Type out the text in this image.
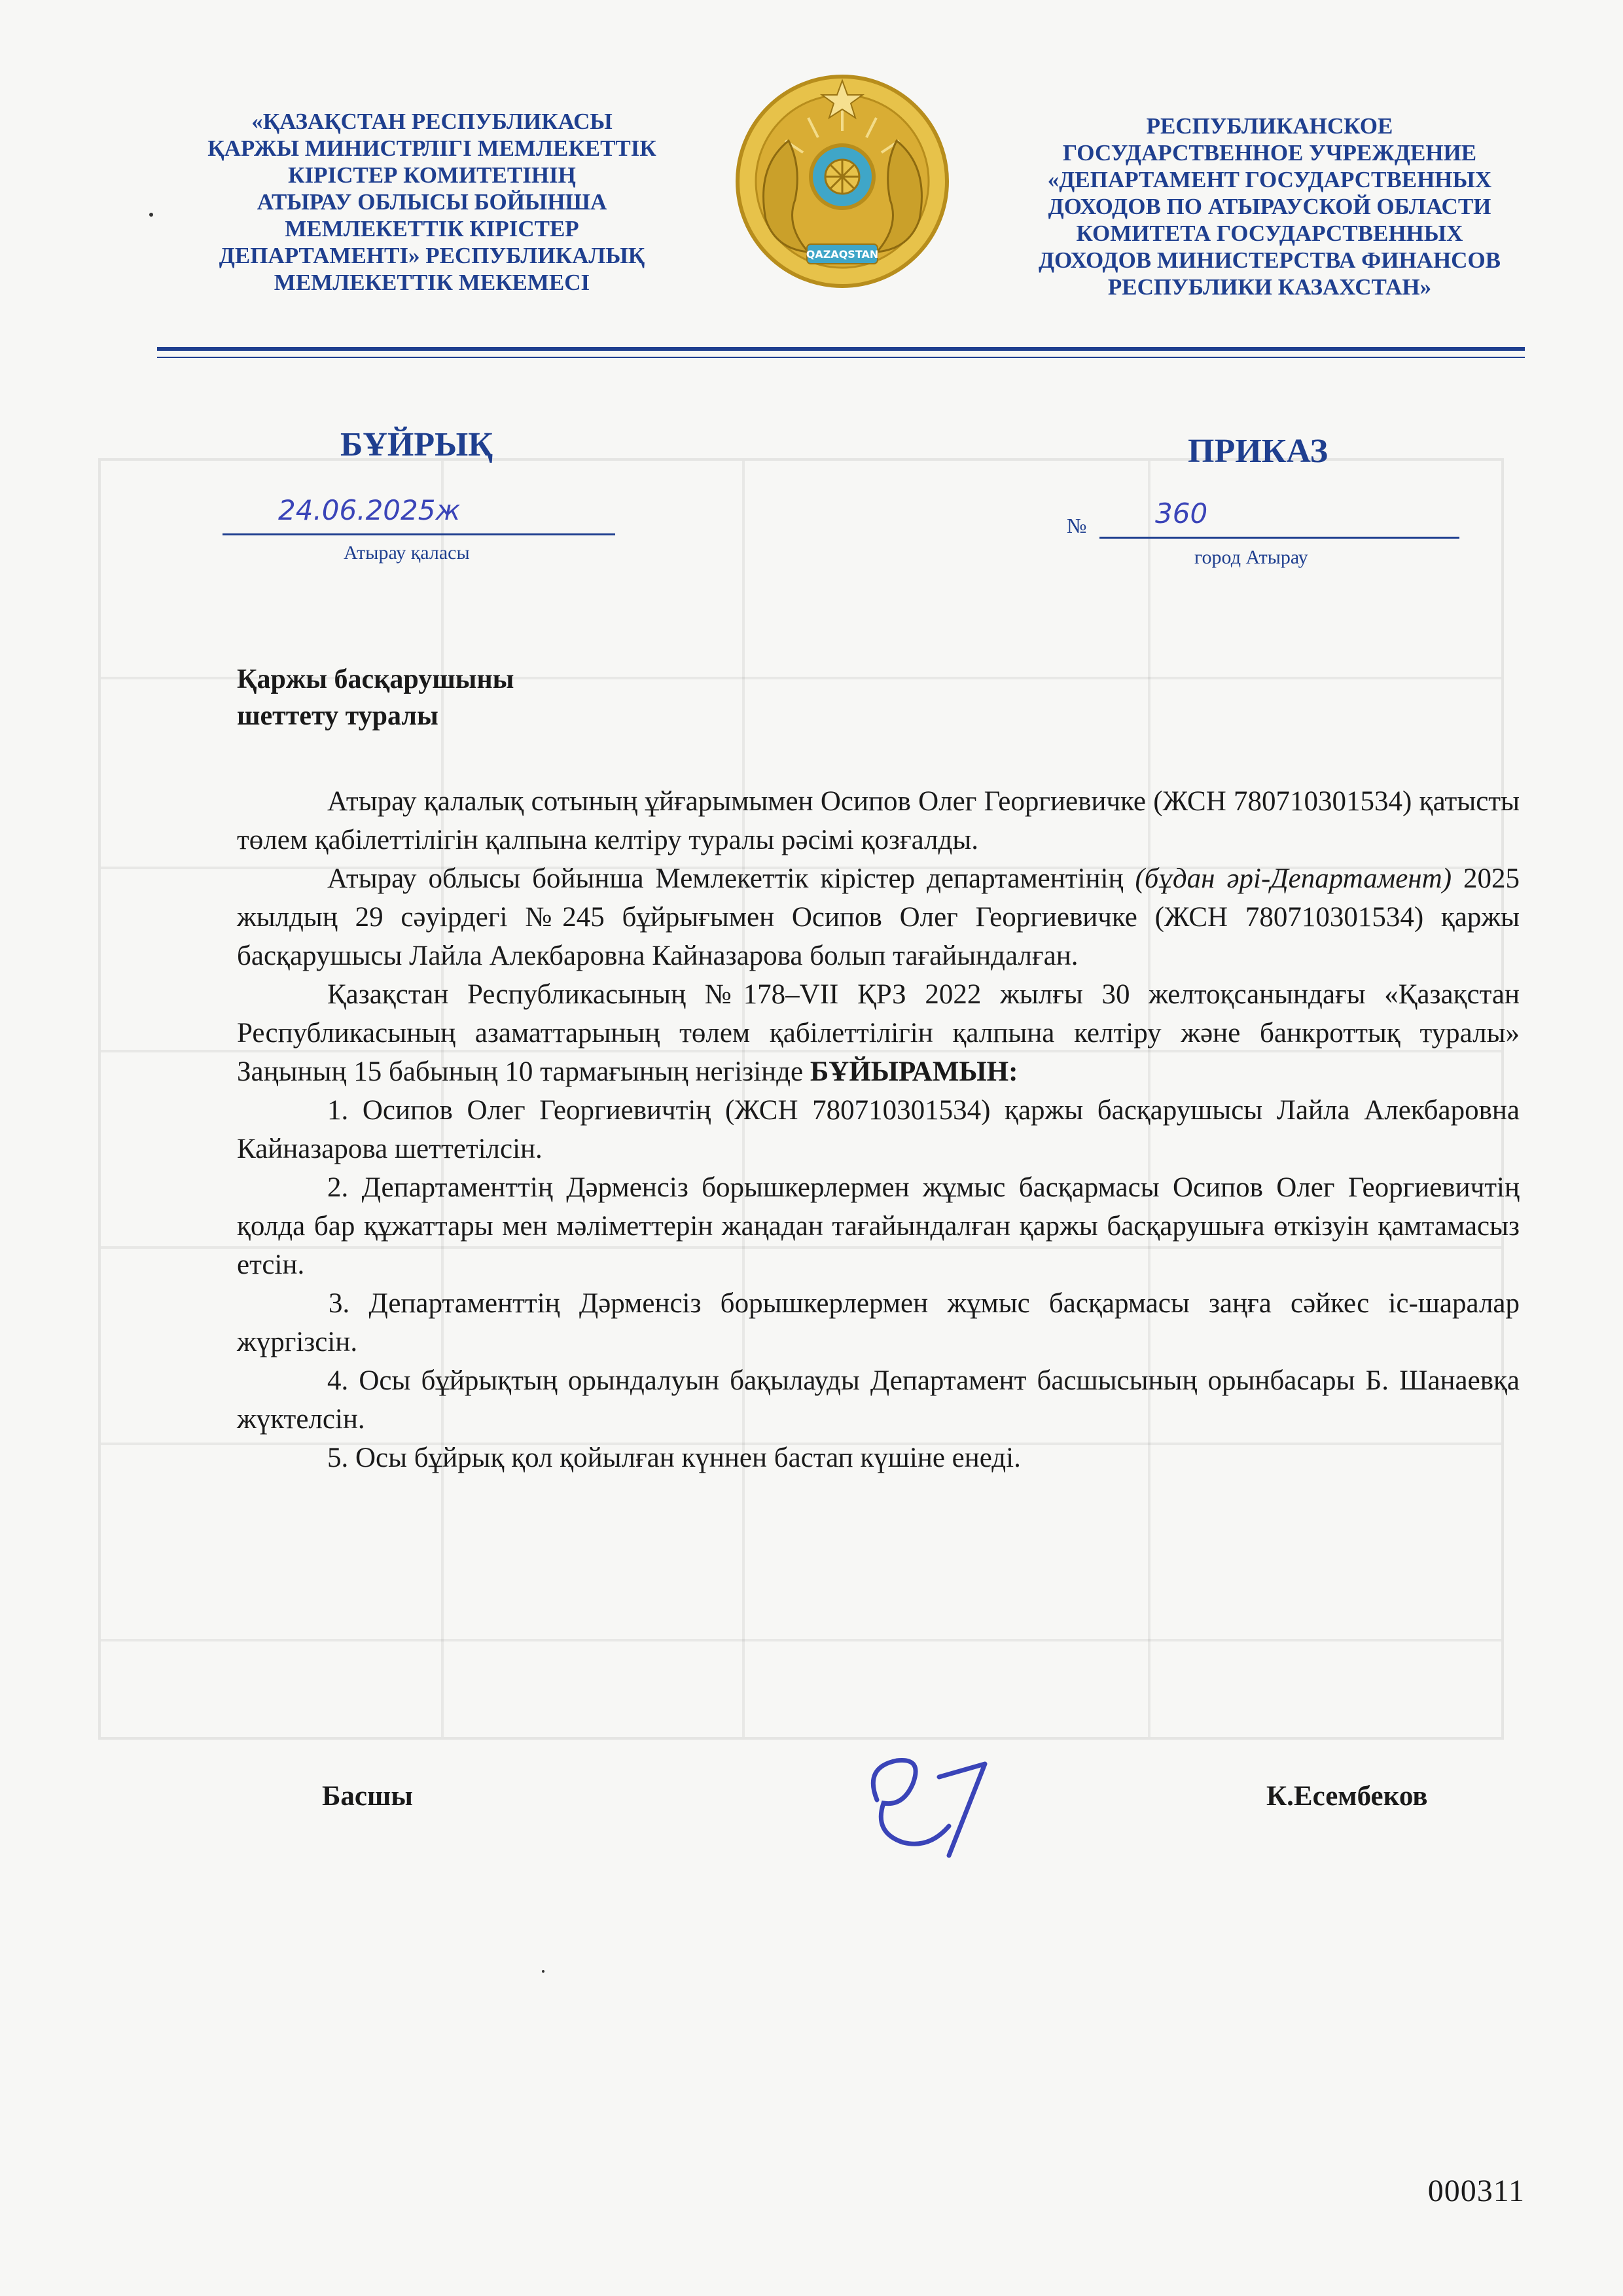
«ҚАЗАҚСТАН РЕСПУБЛИКАСЫ
ҚАРЖЫ МИНИСТРЛІГІ МЕМЛЕКЕТТІК
КІРІСТЕР КОМИТЕТІНІҢ
АТЫРАУ ОБЛЫСЫ БОЙЫНША
МЕМЛЕКЕТТІК КІРІСТЕР
ДЕПАРТАМЕНТІ» РЕСПУБЛИКАЛЫҚ
МЕМЛЕКЕТТІК МЕКЕМЕСІ
QAZAQSTAN
РЕСПУБЛИКАНСКОЕ
ГОСУДАРСТВЕННОЕ УЧРЕЖДЕНИЕ
«ДЕПАРТАМЕНТ ГОСУДАРСТВЕННЫХ
ДОХОДОВ ПО АТЫРАУСКОЙ ОБЛАСТИ
КОМИТЕТА ГОСУДАРСТВЕННЫХ
ДОХОДОВ МИНИСТЕРСТВА ФИНАНСОВ
РЕСПУБЛИКИ КАЗАХСТАН»
БҰЙРЫҚ	ПРИКАЗ
24.06.2025ж
Атырау қаласы
№ 360
город Атырау
Қаржы басқарушыны
шеттету туралы

Атырау қалалық сотының ұйғарымымен Осипов Олег Георгиевичке (ЖСН 780710301534) қатысты төлем қабілеттілігін қалпына келтіру туралы рәсімі қозғалды.

Атырау облысы бойынша Мемлекеттік кірістер департаментінің (бұдан әрі-Департамент) 2025 жылдың 29 сәуірдегі №245 бұйрығымен Осипов Олег Георгиевичке (ЖСН 780710301534) қаржы басқарушысы Лайла Алекбаровна Кайназарова болып тағайындалған.

Қазақстан Республикасының №178–VII ҚРЗ 2022 жылғы 30 желтоқсанындағы «Қазақстан Республикасының азаматтарының төлем қабілеттілігін қалпына келтіру және банкроттық туралы» Заңының 15 бабының 10 тармағының негізінде БҰЙЫРАМЫН:

1. Осипов Олег Георгиевичтің (ЖСН 780710301534) қаржы басқарушысы Лайла Алекбаровна Кайназарова шеттетілсін.

2. Департаменттің Дәрменсіз борышкерлермен жұмыс басқармасы Осипов Олег Георгиевичтің қолда бар құжаттары мен мәліметтерін жаңадан тағайындалған қаржы басқарушыға өткізуін қамтамасыз етсін.

3. Департаменттің Дәрменсіз борышкерлермен жұмыс басқармасы заңға сәйкес іс-шаралар жүргізсін.

4. Осы бұйрықтың орындалуын бақылауды Департамент басшысының орынбасары Б. Шанаевқа жүктелсін.

5. Осы бұйрық қол қойылған күннен бастап күшіне енеді.

Басшы	К.Есембеков
000311
